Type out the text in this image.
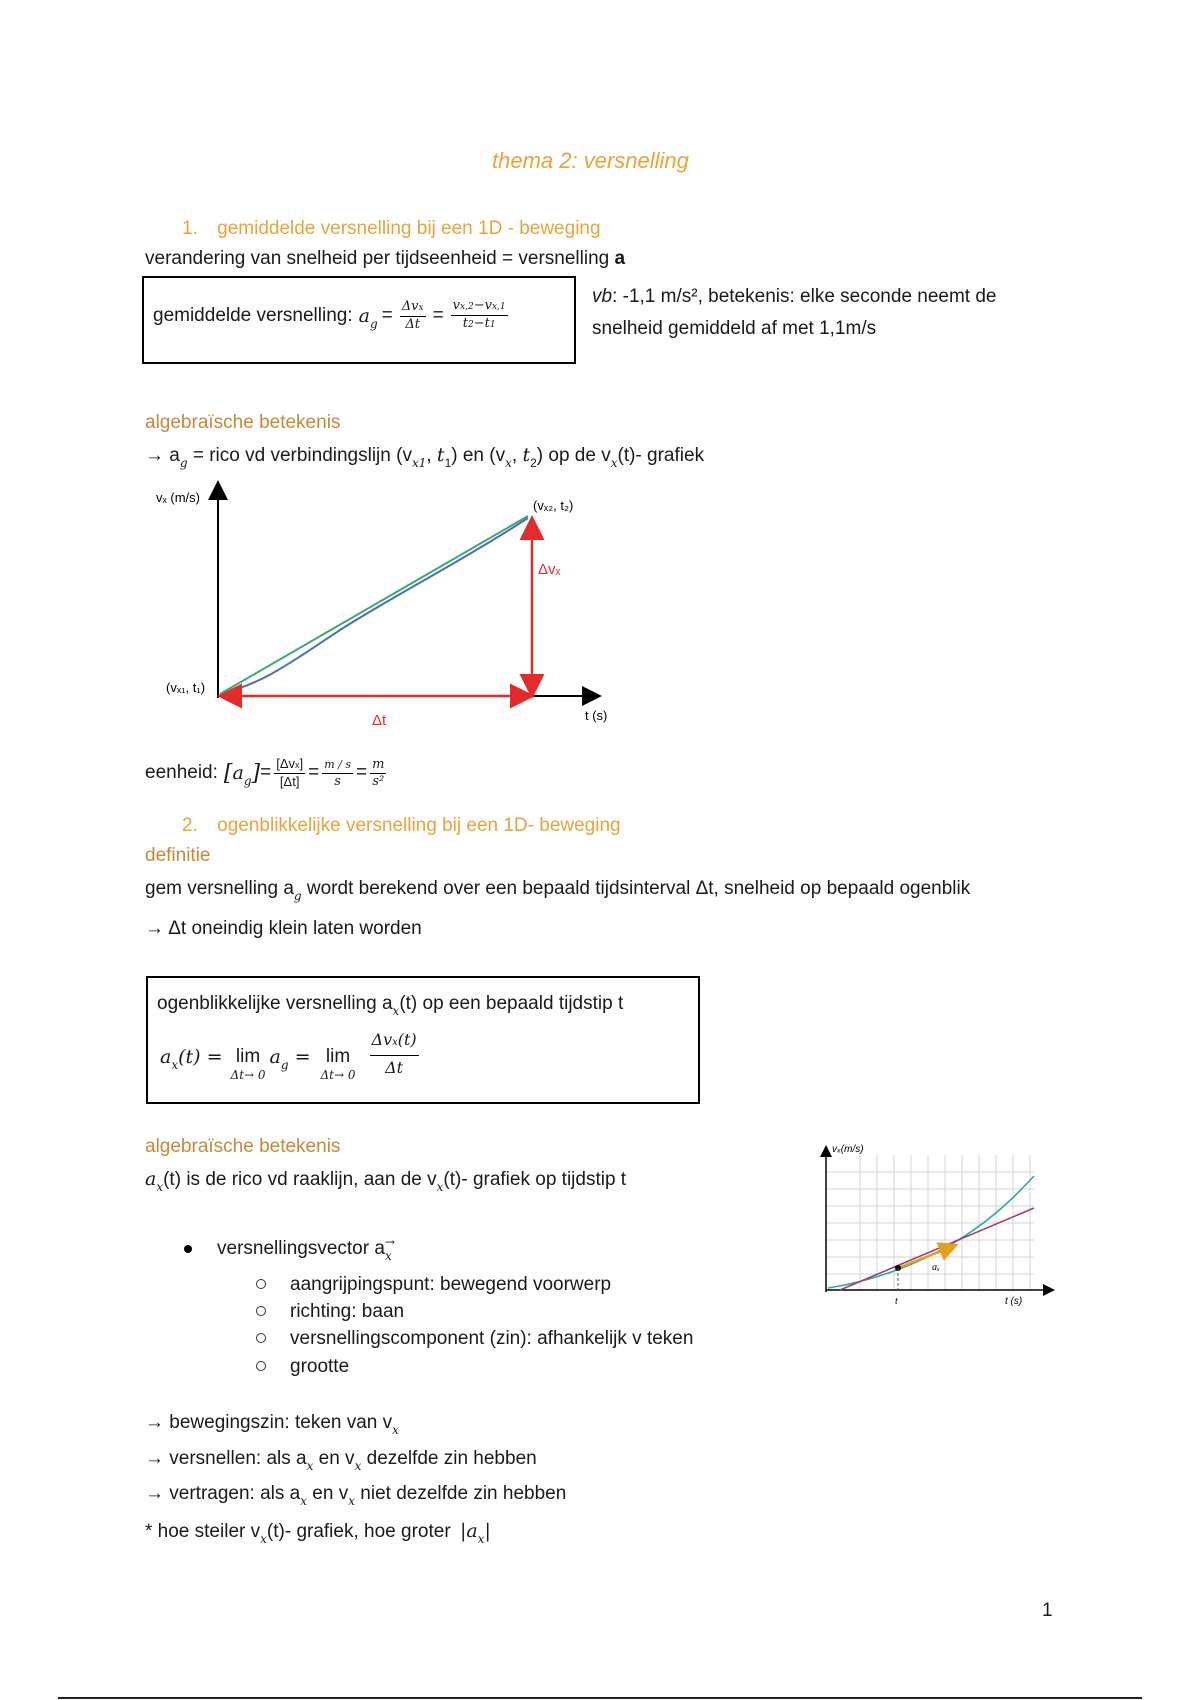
thema 2: versnelling
1. gemiddelde versnelling bij een 1D - beweging
verandering van snelheid per tijdseenheid = versnelling a
gemiddelde versnelling: $a_g = \frac{\text{Δvx}}{\Delta t} = \frac{vx,2-vx,1}{t2-t1}$
vb: -1,1 m/s², betekenis: elke seconde neemt de
snelheid gemiddeld af met 1,1m/s
algebraïsche betekenis
→ $a_g$ = rico vd verbindingslijn ($v_{x1}$, $t_1$) en ($v_x$, $t_2$) op de $v_x(t)-$ grafiek
vₓ (m/s)
t (s)
(vₓ₂, t₂)
(vₓ₁, t₁)
Δvₓ
Δt
eenheid: [ $a_g$ ] = $\frac{\text{[Δvx]}}{[\Delta t]} = \frac{m / s}{s} = \frac{m}{\text{s²}}$
2. ogenblikkelijke versnelling bij een 1D- beweging
definitie
gem versnelling $a_g$ wordt berekend over een bepaald tijdsinterval Δt, snelheid op bepaald ogenblik
→ Δt oneindig klein laten worden
ogenblikkelijke versnelling $a_x(t)$ op een bepaald tijdstip t
$a_x(t) = \lim$
Δt→ 0
$a_g = \lim$
$\Delta t\to 0 \frac{\text{Δvx(t)}}{\Delta t}$
algebraïsche betekenis
$a_x(t)$ is de rico vd raaklijn, aan de $v_x(t)-$ grafiek op tijdstip t
vₓ(m/s)
t (s)
t
aₓ
versnellingsvector $a^\to_x$
aangrijpingspunt: bewegend voorwerp
richting: baan
versnellingscomponent (zin): afhankelijk v teken
grootte
→ bewegingszin: teken van $v_x$
→ versnellen: als $a_x$ en $v_x$ dezelfde zin hebben
→ vertragen: als $a_x$ en $v_x$ niet dezelfde zin hebben
* hoe steiler $v_x(t)-$ grafiek, hoe groter $|a_x|$
1
